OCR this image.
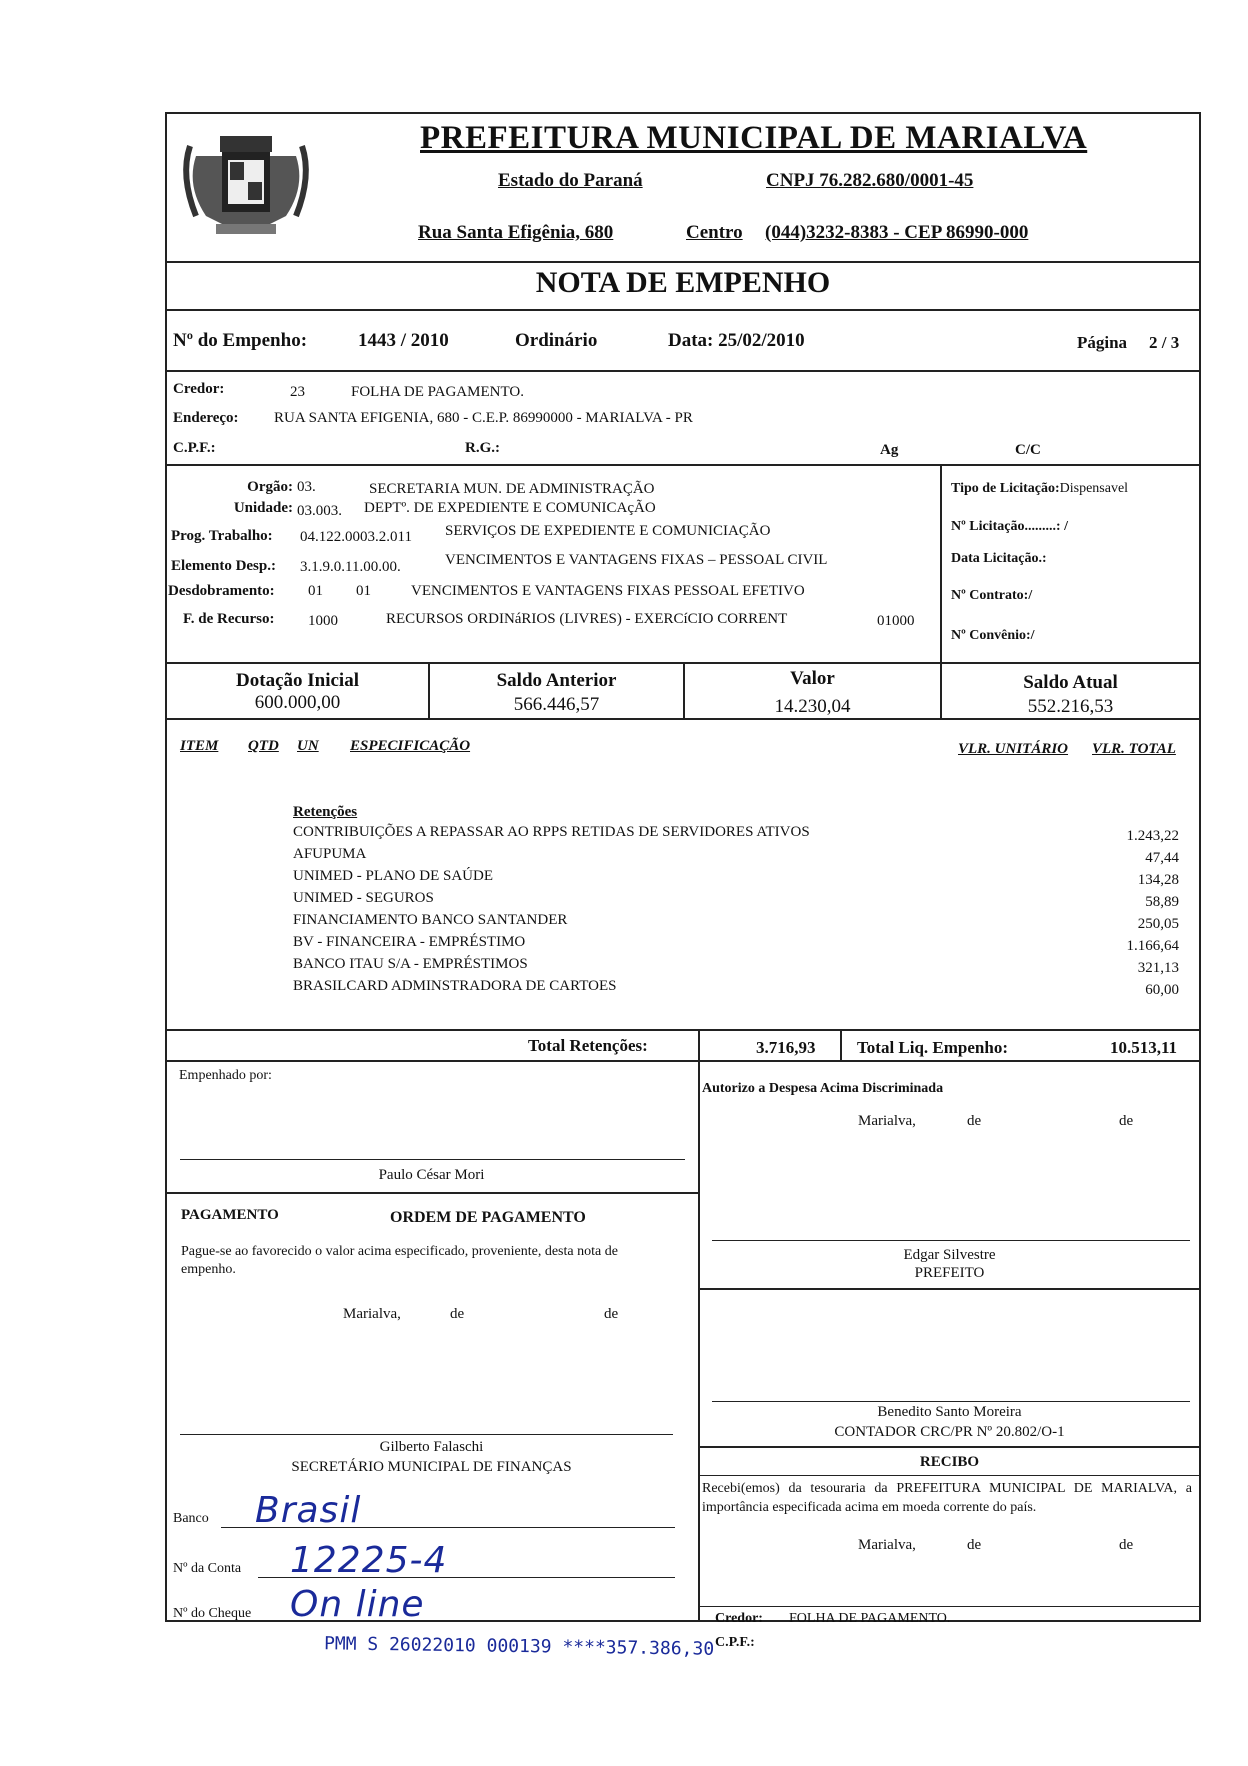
PREFEITURA MUNICIPAL DE MARIALVA
Estado do Paraná	CNPJ 76.282.680/0001-45
Rua Santa Efigênia, 680	Centro (044)3232-8383 - CEP 86990-000
NOTA DE EMPENHO
Nº do Empenho:	1443 / 2010	Ordinário	Data: 25/02/2010	Página 2 / 3
Credor:	23	FOLHA DE PAGAMENTO.
Endereço: RUA SANTA EFIGENIA, 680 - C.E.P. 86990000 - MARIALVA - PR
C.P.F.:	R.G.:	Ag	C/C
Orgão: 03.	SECRETARIA MUN. DE ADMINISTRAÇÃO
Unidade: 03.003. DEPTº. DE EXPEDIENTE E COMUNICAçÃO
Prog. Trabalho: 04.122.0003.2.011 SERVIÇOS DE EXPEDIENTE E COMUNICIAÇÃO
Elemento Desp.: 3.1.9.0.11.00.00.	VENCIMENTOS E VANTAGENS FIXAS – PESSOAL CIVIL
Desdobramento: 01 01	VENCIMENTOS E VANTAGENS FIXAS PESSOAL EFETIVO
F. de Recurso: 1000	RECURSOS ORDINáRIOS (LIVRES) - EXERCíCIO CORRENT	01000
Tipo de Licitação:Dispensavel
Nº Licitação.........: /
Data Licitação.:
Nº Contrato:/
Nº Convênio:/
Dotação Inicial
600.000,00
Saldo Anterior
566.446,57
Valor
14.230,04
Saldo Atual
552.216,53
ITEM QTD UN ESPECIFICAÇÃO	VLR. UNITÁRIO VLR. TOTAL
Retenções
CONTRIBUIÇÕES A REPASSAR AO RPPS RETIDAS DE SERVIDORES ATIVOS	1.243,22
AFUPUMA	47,44
UNIMED - PLANO DE SAÚDE	134,28
UNIMED - SEGUROS	58,89
FINANCIAMENTO BANCO SANTANDER	250,05
BV - FINANCEIRA - EMPRÉSTIMO	1.166,64
BANCO ITAU S/A - EMPRÉSTIMOS	321,13
BRASILCARD ADMINSTRADORA DE CARTOES	60,00
Total Retenções:	3.716,93 Total Liq. Empenho:	10.513,11
Empenhado por:
Paulo César Mori
PAGAMENTO	ORDEM DE PAGAMENTO
Pague-se ao favorecido o valor acima especificado, proveniente, desta nota de empenho.
Marialva,	de	de
Gilberto Falaschi
SECRETÁRIO MUNICIPAL DE FINANÇAS
Banco Brasil
Nº da Conta 12225-4
Nº do Cheque On line
Autorizo a Despesa Acima Discriminada
Marialva,	de	de
Edgar Silvestre
PREFEITO
Benedito Santo Moreira
CONTADOR CRC/PR Nº 20.802/O-1
RECIBO
Recebi(emos) da tesouraria da PREFEITURA MUNICIPAL DE MARIALVA, a importância especificada acima em moeda corrente do país.
Marialva,	de	de
Credor: FOLHA DE PAGAMENTO.
C.P.F.:
PMM S 26022010 000139 ****357.386,30
